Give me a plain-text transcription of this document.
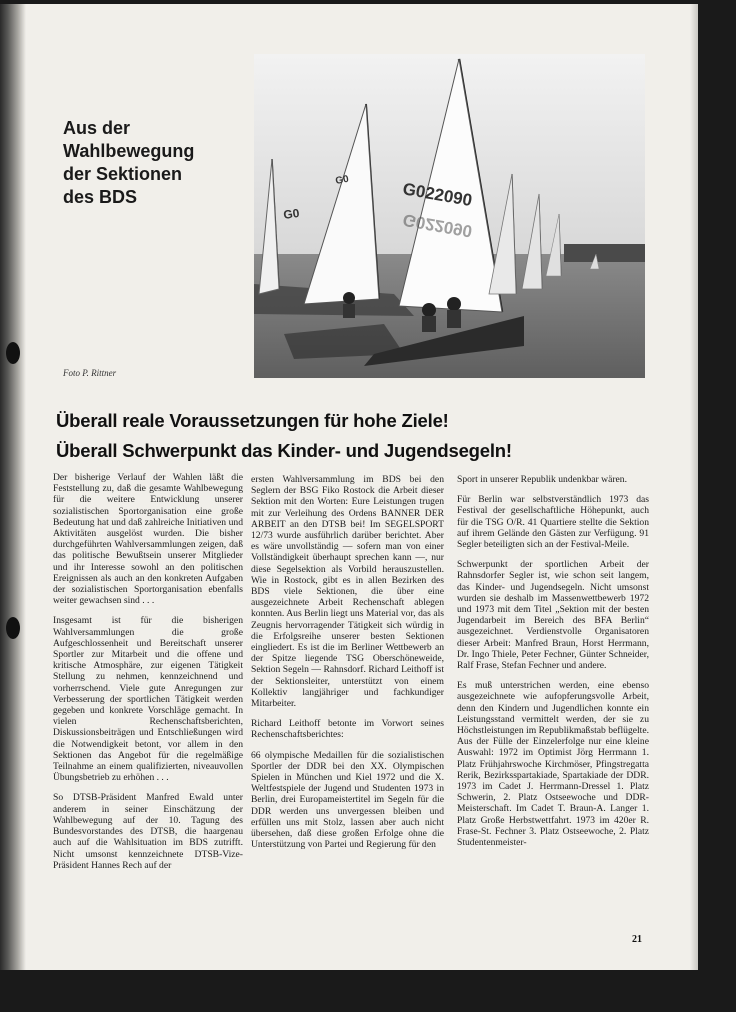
Aus der
Wahlbewegung
der Sektionen
des BDS	G022090
G022090
G0
G0
Foto P. Rittner
Überall reale Voraussetzungen für hohe Ziele!
Überall Schwerpunkt das Kinder- und Jugendsegeln!

Der bisherige Verlauf der Wahlen läßt die Feststellung zu, daß die gesamte Wahlbewegung für die weitere Entwicklung unserer sozialistischen Sportorganisation eine große Bedeutung hat und daß zahlreiche Initiativen und Aktivitäten ausgelöst wurden. Die bisher durchgeführten Wahlversammlungen zeigen, daß das politische Bewußtsein unserer Mitglieder und ihr Interesse sowohl an den politischen Ereignissen als auch an den konkreten Aufgaben der sozialistischen Sportorganisation ebenfalls weiter gewachsen sind . . .

Insgesamt ist für die bisherigen Wahlversammlungen die große Aufgeschlossenheit und Bereitschaft unserer Sportler zur Mitarbeit und die offene und kritische Atmosphäre, zur eigenen Tätigkeit Stellung zu nehmen, kennzeichnend und vorherrschend. Viele gute Anregungen zur Verbesserung der sportlichen Tätigkeit werden gegeben und konkrete Vorschläge gemacht. In vielen Rechenschaftsberichten, Diskussionsbeiträgen und Entschließungen wird die Notwendigkeit betont, vor allem in den Sektionen das Angebot für die regelmäßige Teilnahme an einem qualifizierten, niveauvollen Übungsbetrieb zu erhöhen . . .

So DTSB-Präsident Manfred Ewald unter anderem in seiner Einschätzung der Wahlbewegung auf der 10. Tagung des Bundesvorstandes des DTSB, die haargenau auch auf die Wahlsituation im BDS zutrifft. Nicht umsonst kennzeichnete DTSB-Vize-Präsident Hannes Rech auf der

ersten Wahlversammlung im BDS bei den Seglern der BSG Fiko Rostock die Arbeit dieser Sektion mit den Worten: Eure Leistungen trugen mit zur Verleihung des Ordens BANNER DER ARBEIT an den DTSB bei! Im SEGELSPORT 12/73 wurde ausführlich darüber berichtet. Aber es wäre unvollständig — sofern man von einer Vollständigkeit überhaupt sprechen kann —, nur diese Segelsektion als Vorbild herauszustellen. Wie in Rostock, gibt es in allen Bezirken des BDS viele Sektionen, die über eine ausgezeichnete Arbeit Rechenschaft ablegen konnten. Aus Berlin liegt uns Material vor, das als Zeugnis hervorragender Tätigkeit sich würdig in die Erfolgsreihe unserer besten Sektionen eingliedert. Es ist die im Berliner Wettbewerb an der Spitze liegende TSG Oberschöneweide, Sektion Segeln — Rahnsdorf. Richard Leithoff ist der Sektionsleiter, unterstützt von einem Kollektiv langjähriger und fachkundiger Mitarbeiter.

Richard Leithoff betonte im Vorwort seines Rechenschaftsberichtes:

66 olympische Medaillen für die sozialistischen Sportler der DDR bei den XX. Olympischen Spielen in München und Kiel 1972 und die X. Weltfestspiele der Jugend und Studenten 1973 in Berlin, drei Europameistertitel im Segeln für die DDR werden uns unvergessen bleiben und erfüllen uns mit Stolz, lassen aber auch nicht übersehen, daß diese großen Erfolge ohne die Unterstützung von Partei und Regierung für den

Sport in unserer Republik undenkbar wären.

Für Berlin war selbstverständlich 1973 das Festival der gesellschaftliche Höhepunkt, auch für die TSG O/R. 41 Quartiere stellte die Sektion auf ihrem Gelände den Gästen zur Verfügung. 91 Segler beteiligten sich an der Festival-Meile.

Schwerpunkt der sportlichen Arbeit der Rahnsdorfer Segler ist, wie schon seit langem, das Kinder- und Jugendsegeln. Nicht umsonst wurden sie deshalb im Massenwettbewerb 1972 und 1973 mit dem Titel „Sektion mit der besten Jugendarbeit im Bereich des BFA Berlin“ ausgezeichnet. Verdienstvolle Organisatoren dieser Arbeit: Manfred Braun, Horst Herrmann, Dr. Ingo Thiele, Peter Fechner, Günter Schneider, Ralf Frase, Stefan Fechner und andere.

Es muß unterstrichen werden, eine ebenso ausgezeichnete wie aufopferungsvolle Arbeit, denn den Kindern und Jugendlichen konnte ein Leistungsstand vermittelt werden, der sie zu Höchstleistungen im Republikmaßstab beflügelte. Aus der Fülle der Einzelerfolge nur eine kleine Auswahl: 1972 im Optimist Jörg Herrmann 1. Platz Frühjahrswoche Kirchmöser, Pfingstregatta Rerik, Bezirksspartakiade, Spartakiade der DDR. 1973 im Cadet J. Herrmann-Dressel 1. Platz Schwerin, 2. Platz Ostseewoche und DDR-Meisterschaft. Im Cadet T. Braun-A. Langer 1. Platz Große Herbstwettfahrt. 1973 im 420er R. Frase-St. Fechner 3. Platz Ostseewoche, 2. Platz Studentenmeister-

21
